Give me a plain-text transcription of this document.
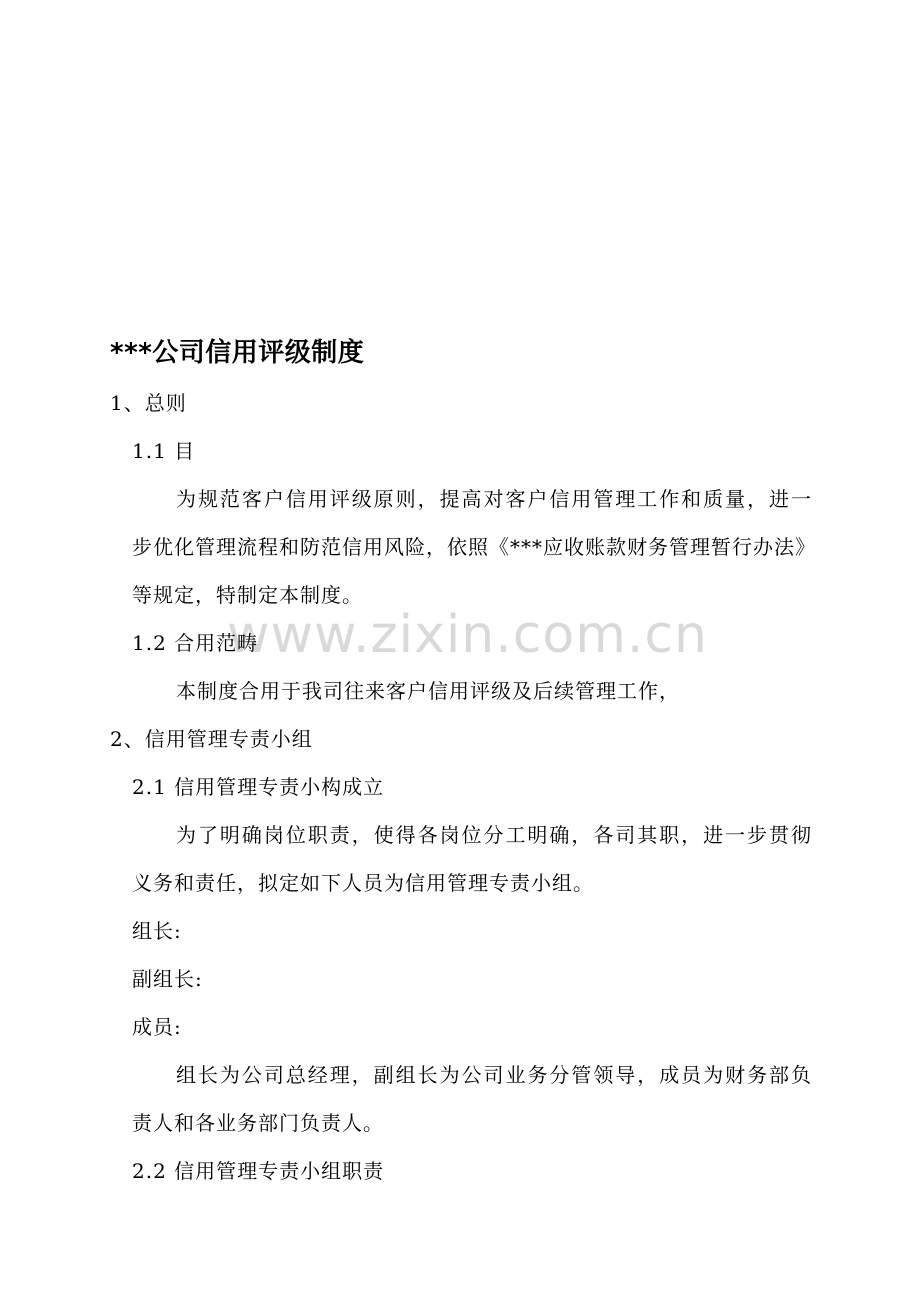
www.zixin.com.cn
***公司信用评级制度
1、总则
1.1 目
为规范客户信用评级原则，提高对客户信用管理工作和质量，进一
步优化管理流程和防范信用风险，依照《***应收账款财务管理暂行办法》
等规定，特制定本制度。
1.2 合用范畴
本制度合用于我司往来客户信用评级及后续管理工作，
2、信用管理专责小组
2.1 信用管理专责小构成立
为了明确岗位职责，使得各岗位分工明确，各司其职，进一步贯彻
义务和责任，拟定如下人员为信用管理专责小组。
组长:
副组长:
成员:
组长为公司总经理，副组长为公司业务分管领导，成员为财务部负
责人和各业务部门负责人。
2.2 信用管理专责小组职责
